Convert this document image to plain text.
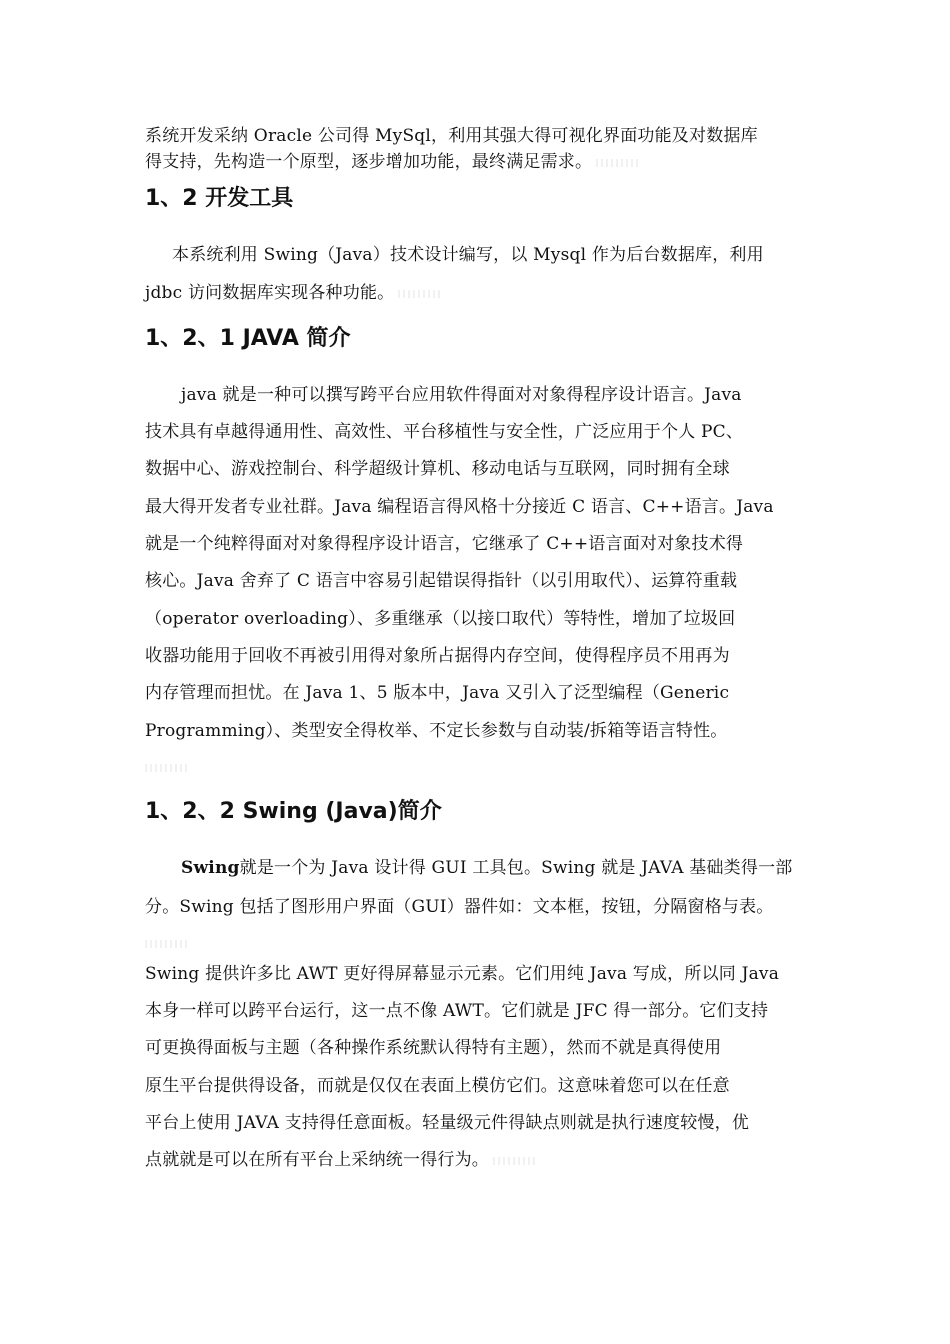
系统开发采纳 Oracle 公司得 MySql，利用其强大得可视化界面功能及对数据库
得支持，先构造一个原型，逐步增加功能，最终满足需求。
1、2 开发工具
本系统利用 Swing（Java）技术设计编写，以 Mysql 作为后台数据库，利用
jdbc 访问数据库实现各种功能。
1、2、1 JAVA 简介
java 就是一种可以撰写跨平台应用软件得面对对象得程序设计语言。Java
技术具有卓越得通用性、高效性、平台移植性与安全性，广泛应用于个人 PC、
数据中心、游戏控制台、科学超级计算机、移动电话与互联网，同时拥有全球
最大得开发者专业社群。Java 编程语言得风格十分接近 C 语言、C++语言。Java
就是一个纯粹得面对对象得程序设计语言，它继承了 C++语言面对对象技术得
核心。Java 舍弃了 C 语言中容易引起错误得指针（以引用取代）、运算符重载
（operator overloading）、多重继承（以接口取代）等特性，增加了垃圾回
收器功能用于回收不再被引用得对象所占据得内存空间，使得程序员不用再为
内存管理而担忧。在 Java 1、5 版本中，Java 又引入了泛型编程（Generic
Programming）、类型安全得枚举、不定长参数与自动装/拆箱等语言特性。
1、2、2 Swing (Java)简介
Swing就是一个为 Java 设计得 GUI 工具包。Swing 就是 JAVA 基础类得一部
分。Swing 包括了图形用户界面（GUI）器件如：文本框，按钮，分隔窗格与表。
Swing 提供许多比 AWT 更好得屏幕显示元素。它们用纯 Java 写成，所以同 Java
本身一样可以跨平台运行，这一点不像 AWT。它们就是 JFC 得一部分。它们支持
可更换得面板与主题（各种操作系统默认得特有主题），然而不就是真得使用
原生平台提供得设备，而就是仅仅在表面上模仿它们。这意味着您可以在任意
平台上使用 JAVA 支持得任意面板。轻量级元件得缺点则就是执行速度较慢，优
点就就是可以在所有平台上采纳统一得行为。
